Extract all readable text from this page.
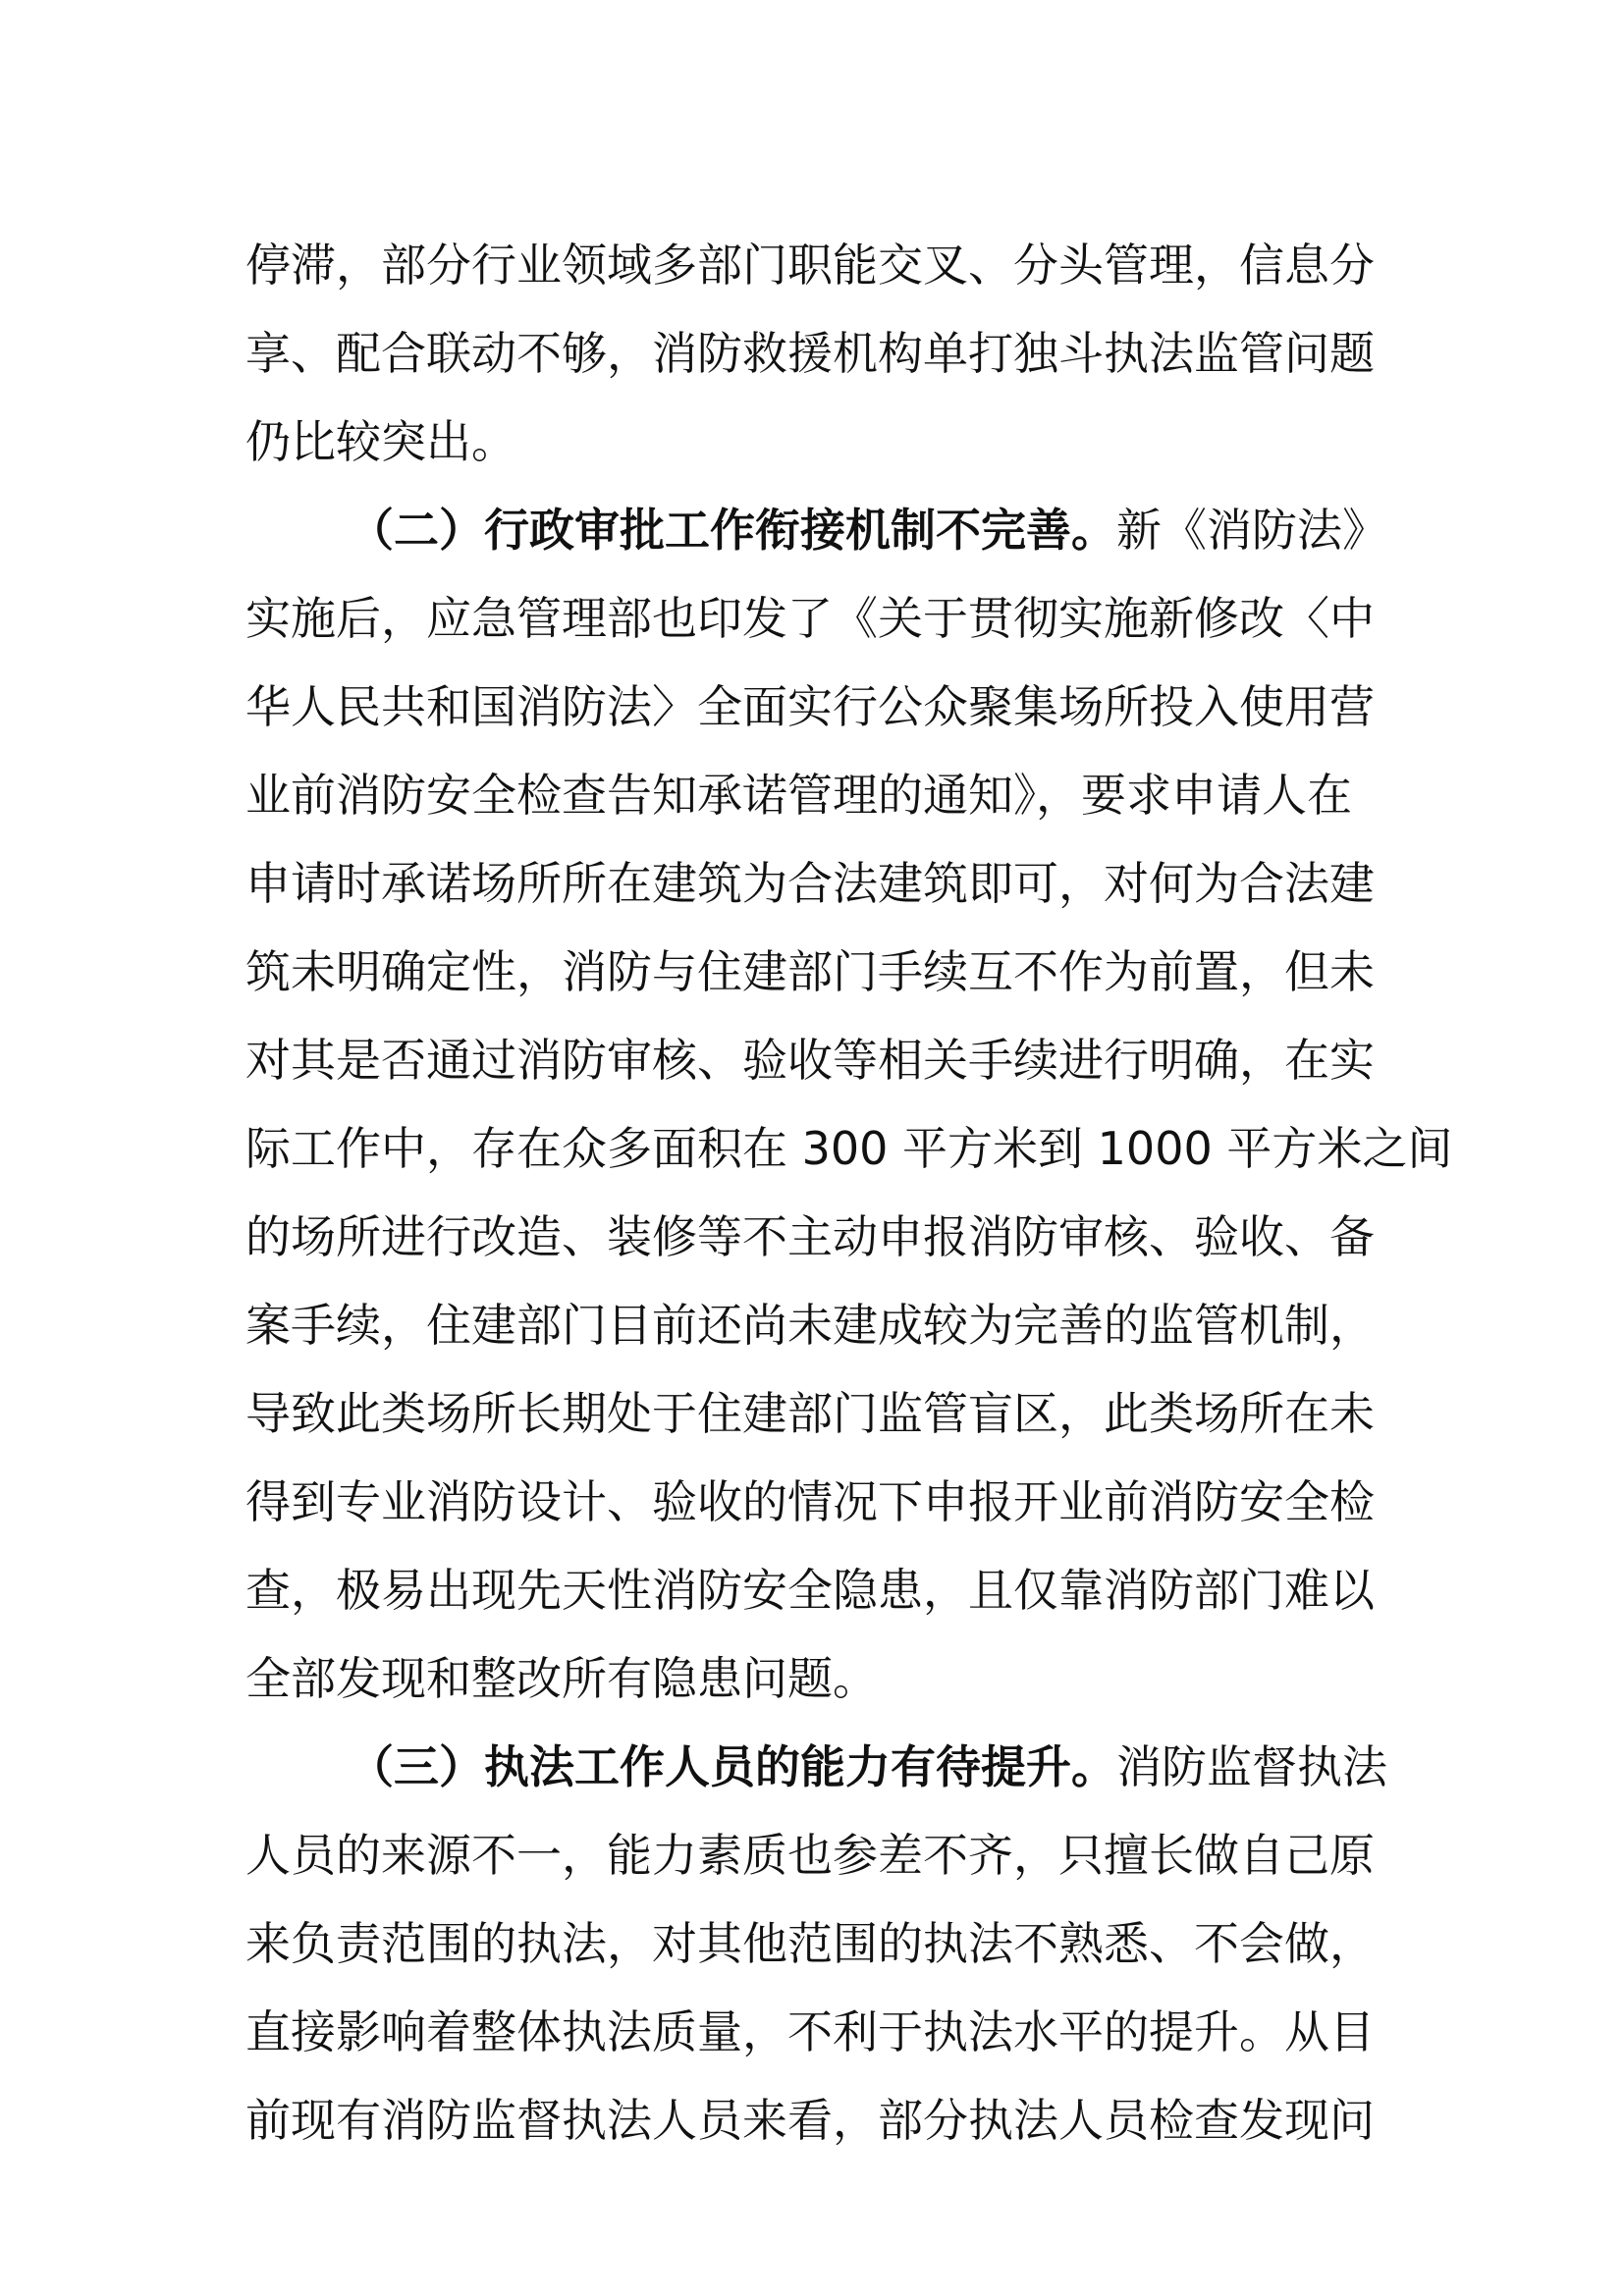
停滞，部分行业领域多部门职能交叉、分头管理，信息分
享、配合联动不够，消防救援机构单打独斗执法监管问题
仍比较突出。
（二）行政审批工作衔接机制不完善。新《消防法》
实施后，应急管理部也印发了《关于贯彻实施新修改〈中
华人民共和国消防法〉全面实行公众聚集场所投入使用营
业前消防安全检查告知承诺管理的通知》，要求申请人在
申请时承诺场所所在建筑为合法建筑即可，对何为合法建
筑未明确定性，消防与住建部门手续互不作为前置，但未
对其是否通过消防审核、验收等相关手续进行明确，在实
际工作中，存在众多面积在 300 平方米到 1000 平方米之间
的场所进行改造、装修等不主动申报消防审核、验收、备
案手续，住建部门目前还尚未建成较为完善的监管机制，
导致此类场所长期处于住建部门监管盲区，此类场所在未
得到专业消防设计、验收的情况下申报开业前消防安全检
查，极易出现先天性消防安全隐患，且仅靠消防部门难以
全部发现和整改所有隐患问题。
（三）执法工作人员的能力有待提升。消防监督执法
人员的来源不一，能力素质也参差不齐，只擅长做自己原
来负责范围的执法，对其他范围的执法不熟悉、不会做，
直接影响着整体执法质量，不利于执法水平的提升。从目
前现有消防监督执法人员来看，部分执法人员检查发现问
